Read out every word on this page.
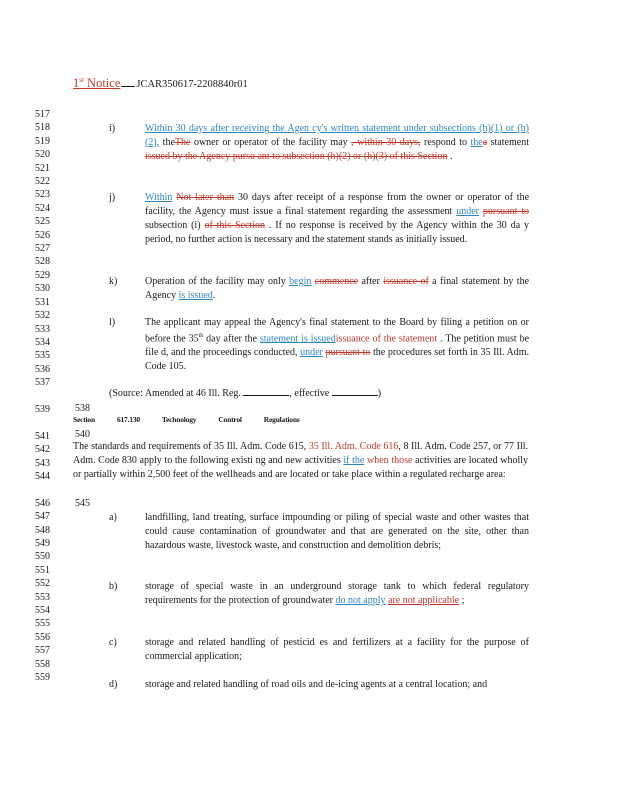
1st Notice JCAR350617-2208840r01
517
518
519
520
521
522
523
524
525
526
527
528
529
530
531
532
533
534
535
536
537

539

541
542
543
544

546
547
548
549
550
551
552
553
554
555
556
557
558
559
i)	Within 30 days after receiving the Agen cy's written statement under subsections (h)(1) or (h)(2), theThe owner or operator of the facility may , within 30 days, respond to thea statement issued by the Agency pursu ant to subsection (h)(2) or (h)(3) of this Section .
j)	Within Not later than 30 days after receipt of a response from the owner or operator of the facility, the Agency must issue a final statement regarding the assessment under pursuant to subsection (i) of this Section . If no response is received by the Agency within the 30 da y period, no further action is necessary and the statement stands as initially issued.
k)	Operation of the facility may only begin commence after issuance of a final statement by the Agency is issued.
l)	The applicant may appeal the Agency's final statement to the Board by filing a petition on or before the 35th day after the statement is issuedissuance of the statement . The petition must be file d, and the proceedings conducted, under pursuant to the procedures set forth in 35 Ill. Adm. Code 105.
(Source: Amended at 46 Ill. Reg.	, effective	)
538
Section	617.130	Technology	Control	Regulations
540
The standards and requirements of 35 Ill. Adm. Code 615, 35 Ill. Adm. Code 616, 8 Ill. Adm. Code 257, or 77 Ill. Adm. Code 830 apply to the following existi ng and new activities if the when those activities are located wholly or partially within 2,500 feet of the wellheads and are located or take place within a regulated recharge area:
545
a)	landfilling, land treating, surface impounding or piling of special waste and other wastes that could cause contamination of groundwater and that are generated on the site, other than hazardous waste, livestock waste, and construction and demolition debris;
b)	storage of special waste in an underground storage tank to which federal regulatory requirements for the protection of groundwater do not apply are not applicable ;
c)	storage and related handling of pesticid es and fertilizers at a facility for the purpose of commercial application;
d)	storage and related handling of road oils and de-icing agents at a central location; and
